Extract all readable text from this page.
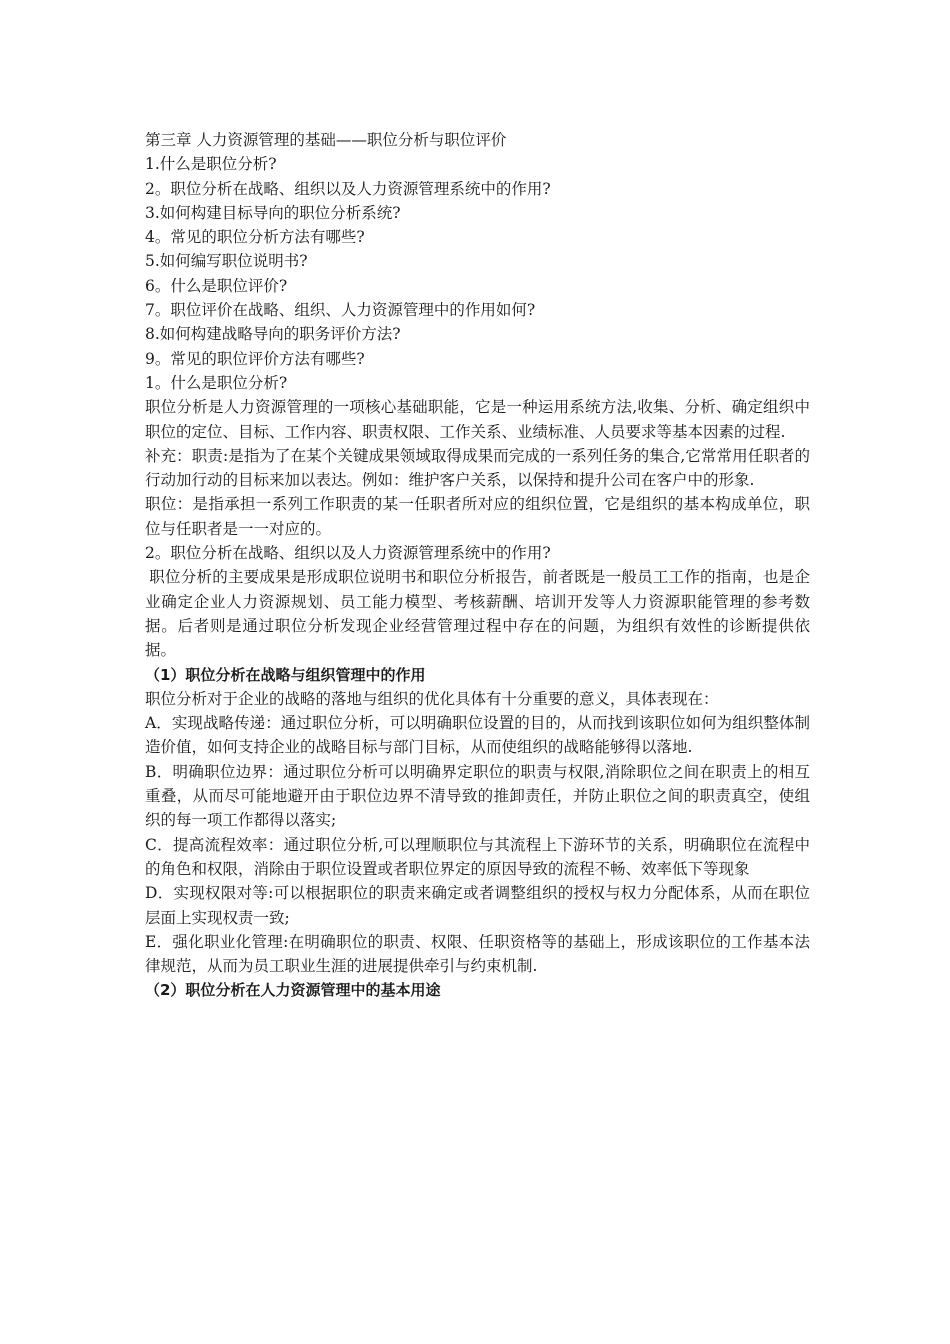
第三章 人力资源管理的基础——职位分析与职位评价

1.什么是职位分析?

2。职位分析在战略、组织以及人力资源管理系统中的作用?

3.如何构建目标导向的职位分析系统?

4。常见的职位分析方法有哪些?

5.如何编写职位说明书?

6。什么是职位评价?

7。职位评价在战略、组织、人力资源管理中的作用如何?

8.如何构建战略导向的职务评价方法?

9。常见的职位评价方法有哪些?

1。什么是职位分析?

职位分析是人力资源管理的一项核心基础职能，它是一种运用系统方法,收集、分析、确定组织中职位的定位、目标、工作内容、职责权限、工作关系、业绩标准、人员要求等基本因素的过程.

补充：职责:是指为了在某个关键成果领域取得成果而完成的一系列任务的集合,它常常用任职者的行动加行动的目标来加以表达。例如：维护客户关系，以保持和提升公司在客户中的形象.

职位：是指承担一系列工作职责的某一任职者所对应的组织位置，它是组织的基本构成单位，职位与任职者是一一对应的。

2。职位分析在战略、组织以及人力资源管理系统中的作用?

职位分析的主要成果是形成职位说明书和职位分析报告，前者既是一般员工工作的指南，也是企业确定企业人力资源规划、员工能力模型、考核薪酬、培训开发等人力资源职能管理的参考数据。后者则是通过职位分析发现企业经营管理过程中存在的问题，为组织有效性的诊断提供依据。

（1）职位分析在战略与组织管理中的作用

职位分析对于企业的战略的落地与组织的优化具体有十分重要的意义，具体表现在：

A．实现战略传递：通过职位分析，可以明确职位设置的目的，从而找到该职位如何为组织整体制造价值，如何支持企业的战略目标与部门目标，从而使组织的战略能够得以落地.

B．明确职位边界：通过职位分析可以明确界定职位的职责与权限,消除职位之间在职责上的相互重叠，从而尽可能地避开由于职位边界不清导致的推卸责任，并防止职位之间的职责真空，使组织的每一项工作都得以落实;

C．提高流程效率：通过职位分析,可以理顺职位与其流程上下游环节的关系，明确职位在流程中的角色和权限，消除由于职位设置或者职位界定的原因导致的流程不畅、效率低下等现象

D．实现权限对等:可以根据职位的职责来确定或者调整组织的授权与权力分配体系，从而在职位层面上实现权责一致;

E．强化职业化管理:在明确职位的职责、权限、任职资格等的基础上，形成该职位的工作基本法律规范，从而为员工职业生涯的进展提供牵引与约束机制.

（2）职位分析在人力资源管理中的基本用途
